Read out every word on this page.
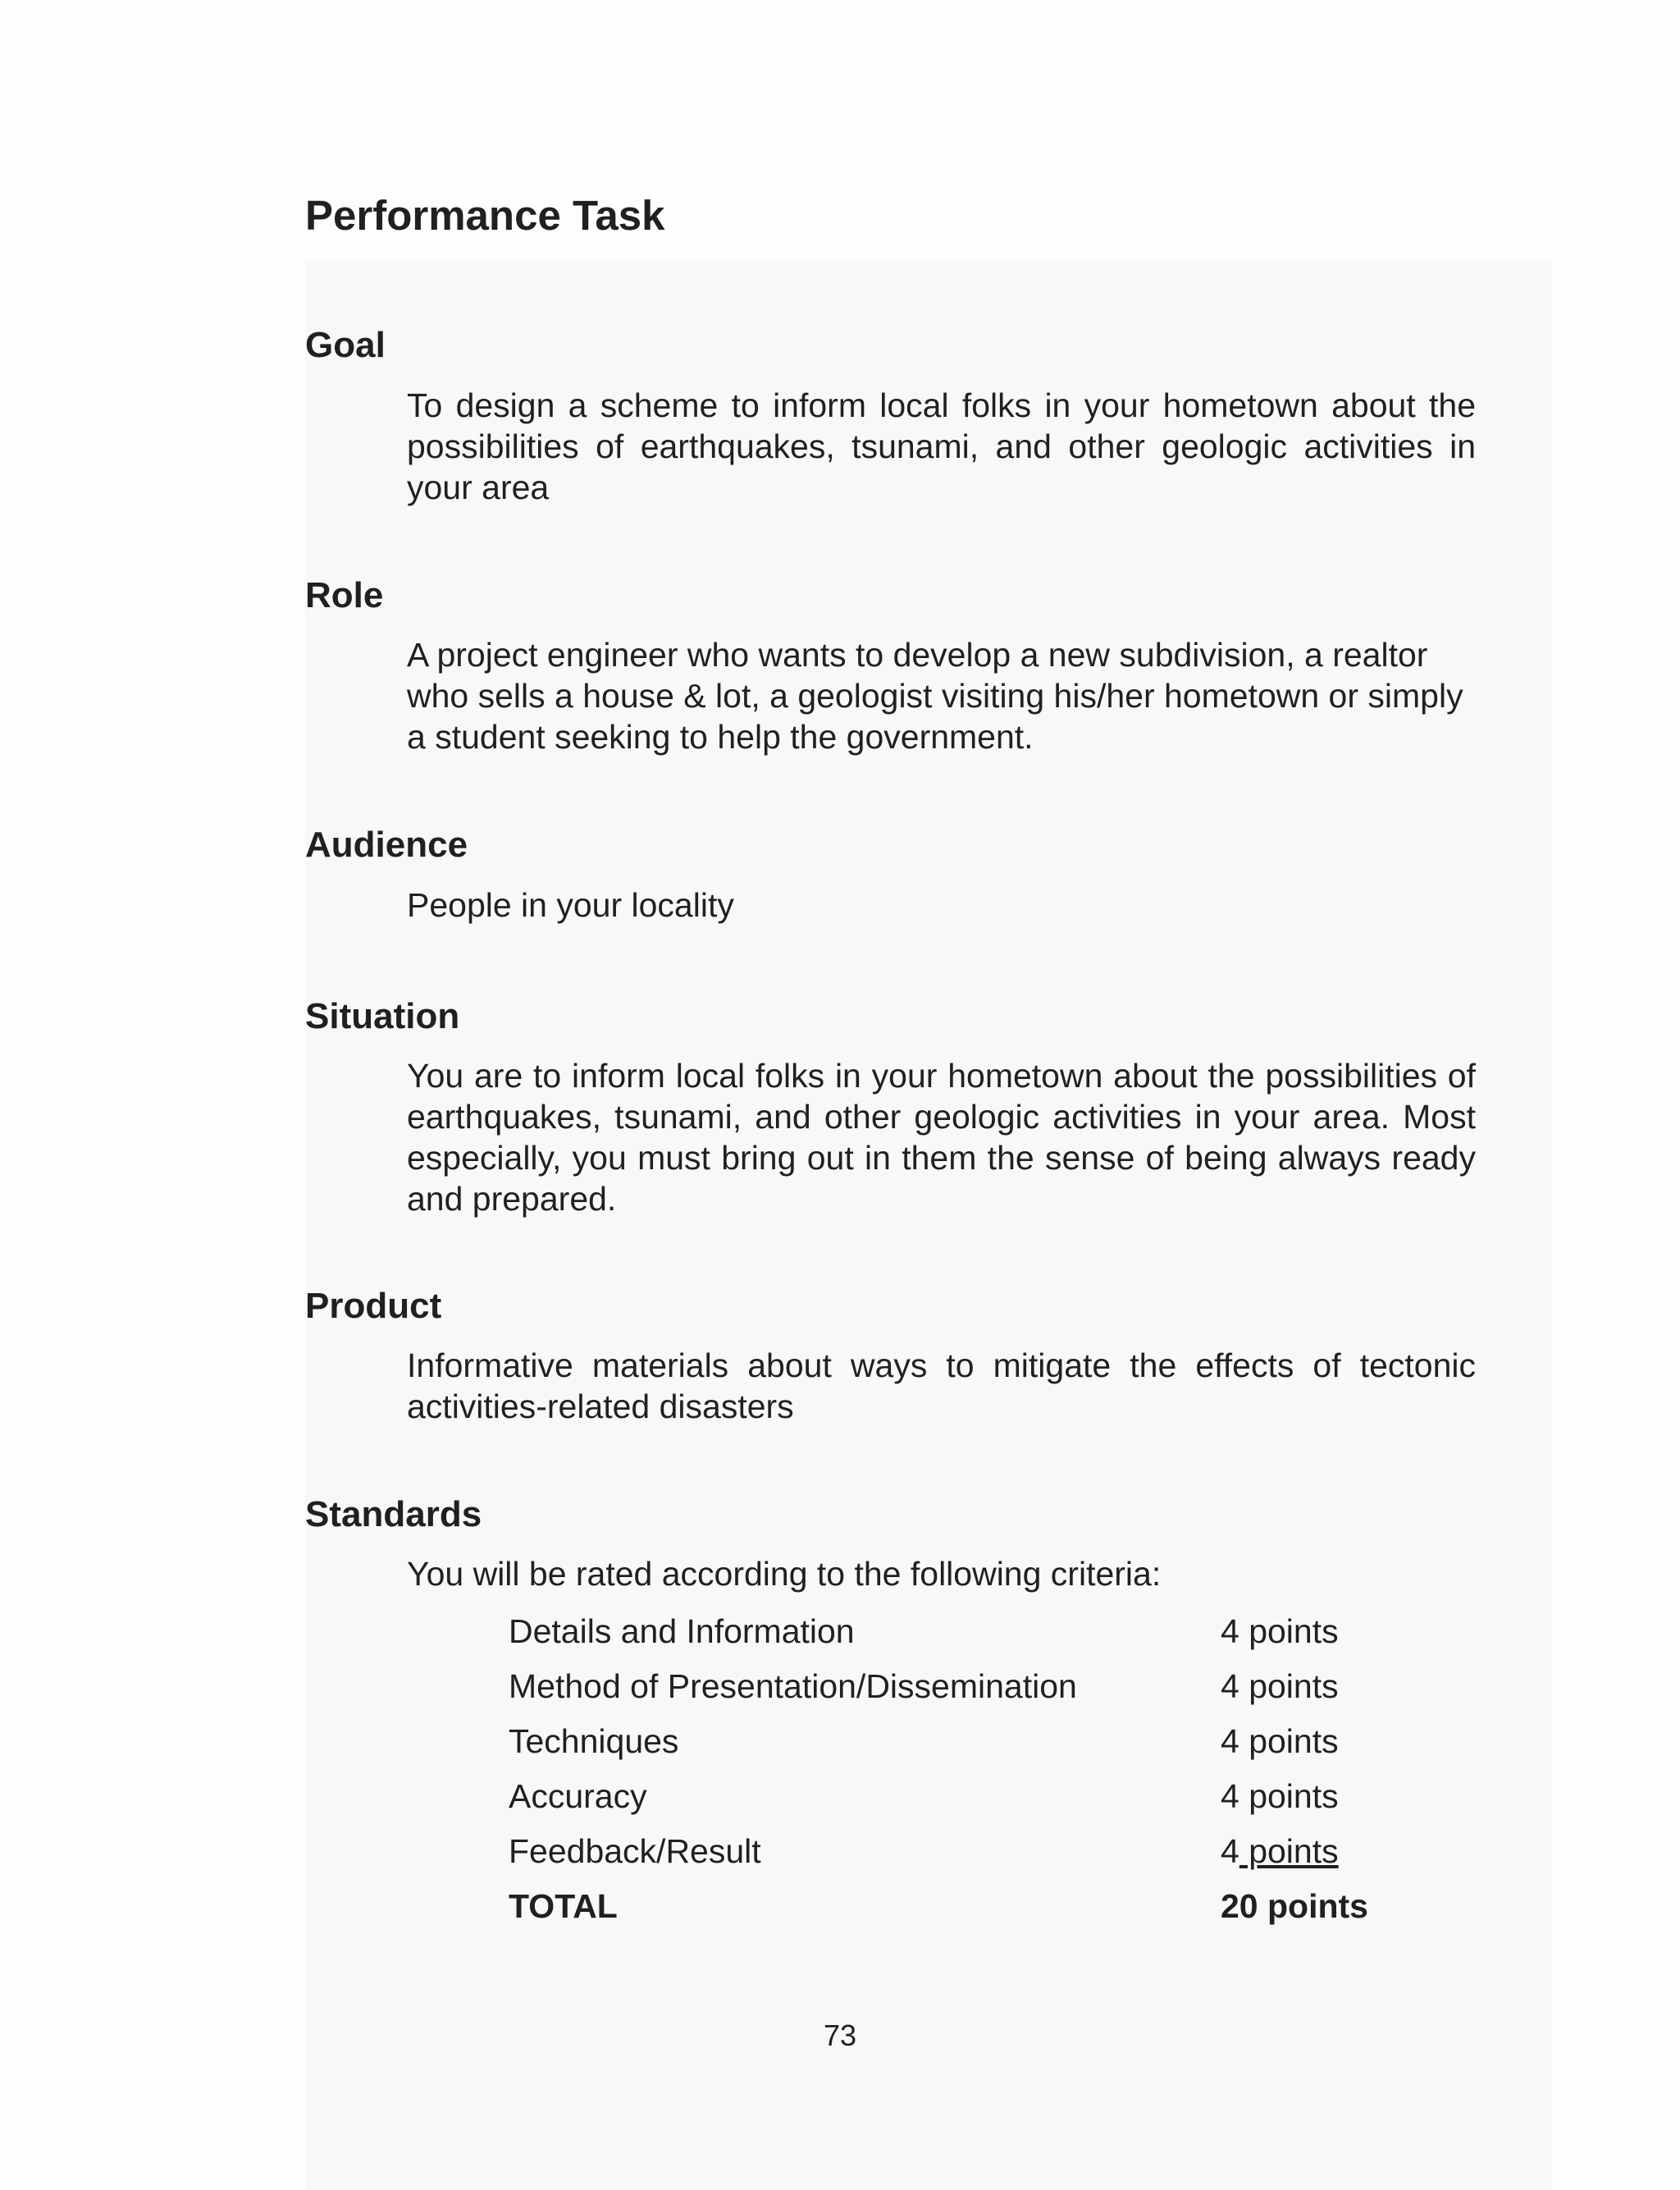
Performance Task
Goal

To design a scheme to inform local folks in your hometown about the possibilities of earthquakes, tsunami, and other geologic activities in your area

Role

A project engineer who wants to develop a new subdivision, a realtor who sells a house & lot, a geologist visiting his/her hometown or simply a student seeking to help the government.

Audience

People in your locality

Situation

You are to inform local folks in your hometown about the possibilities of earthquakes, tsunami, and other geologic activities in your area. Most especially, you must bring out in them the sense of being always ready and prepared.

Product

Informative materials about ways to mitigate the effects of tectonic activities-related disasters

Standards

You will be rated according to the following criteria:

Details and Information	4 points
Method of Presentation/Dissemination	4 points
Techniques	4 points
Accuracy	4 points
Feedback/Result	4 points
TOTAL	20 points
73
